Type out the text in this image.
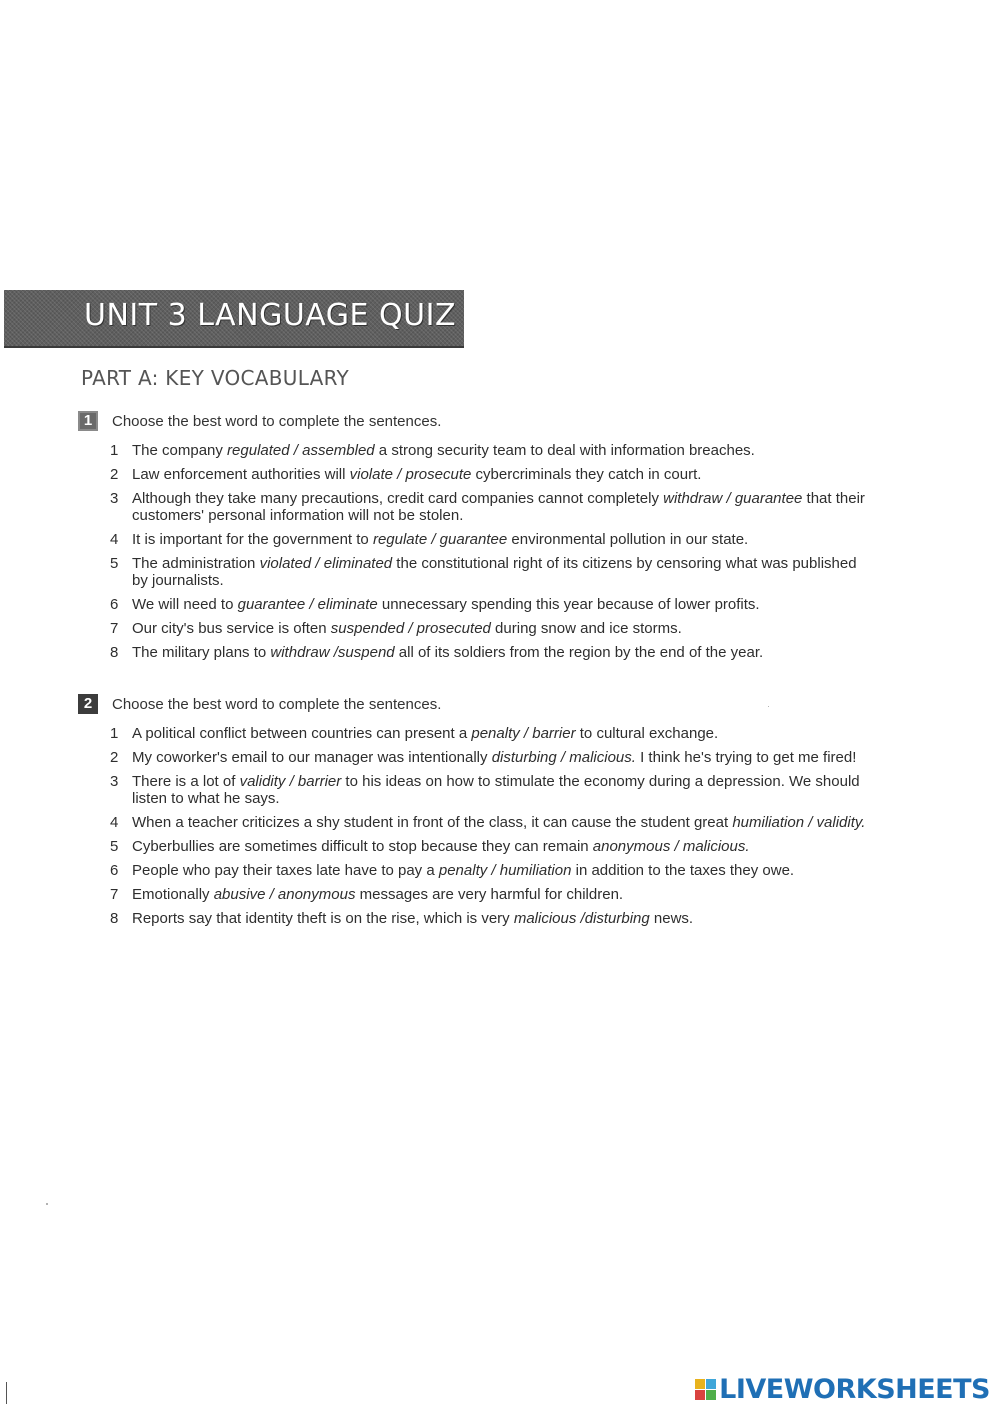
UNIT 3 LANGUAGE QUIZ
PART A: KEY VOCABULARY
1	Choose the best word to complete the sentences.
1 The company regulated / assembled a strong security team to deal with information breaches.
2 Law enforcement authorities will violate / prosecute cybercriminals they catch in court.
3 Although they take many precautions, credit card companies cannot completely withdraw / guarantee that their customers' personal information will not be stolen.
4 It is important for the government to regulate / guarantee environmental pollution in our state.
5 The administration violated / eliminated the constitutional right of its citizens by censoring what was published by journalists.
6 We will need to guarantee / eliminate unnecessary spending this year because of lower profits.
7 Our city's bus service is often suspended / prosecuted during snow and ice storms.
8 The military plans to withdraw /suspend all of its soldiers from the region by the end of the year.
2	Choose the best word to complete the sentences.
1 A political conflict between countries can present a penalty / barrier to cultural exchange.
2 My coworker's email to our manager was intentionally disturbing / malicious. I think he's trying to get me fired!
3 There is a lot of validity / barrier to his ideas on how to stimulate the economy during a depression. We should listen to what he says.
4 When a teacher criticizes a shy student in front of the class, it can cause the student great humiliation / validity.
5 Cyberbullies are sometimes difficult to stop because they can remain anonymous / malicious.
6 People who pay their taxes late have to pay a penalty / humiliation in addition to the taxes they owe.
7 Emotionally abusive / anonymous messages are very harmful for children.
8 Reports say that identity theft is on the rise, which is very malicious /disturbing news.
LIVEWORKSHEETS
